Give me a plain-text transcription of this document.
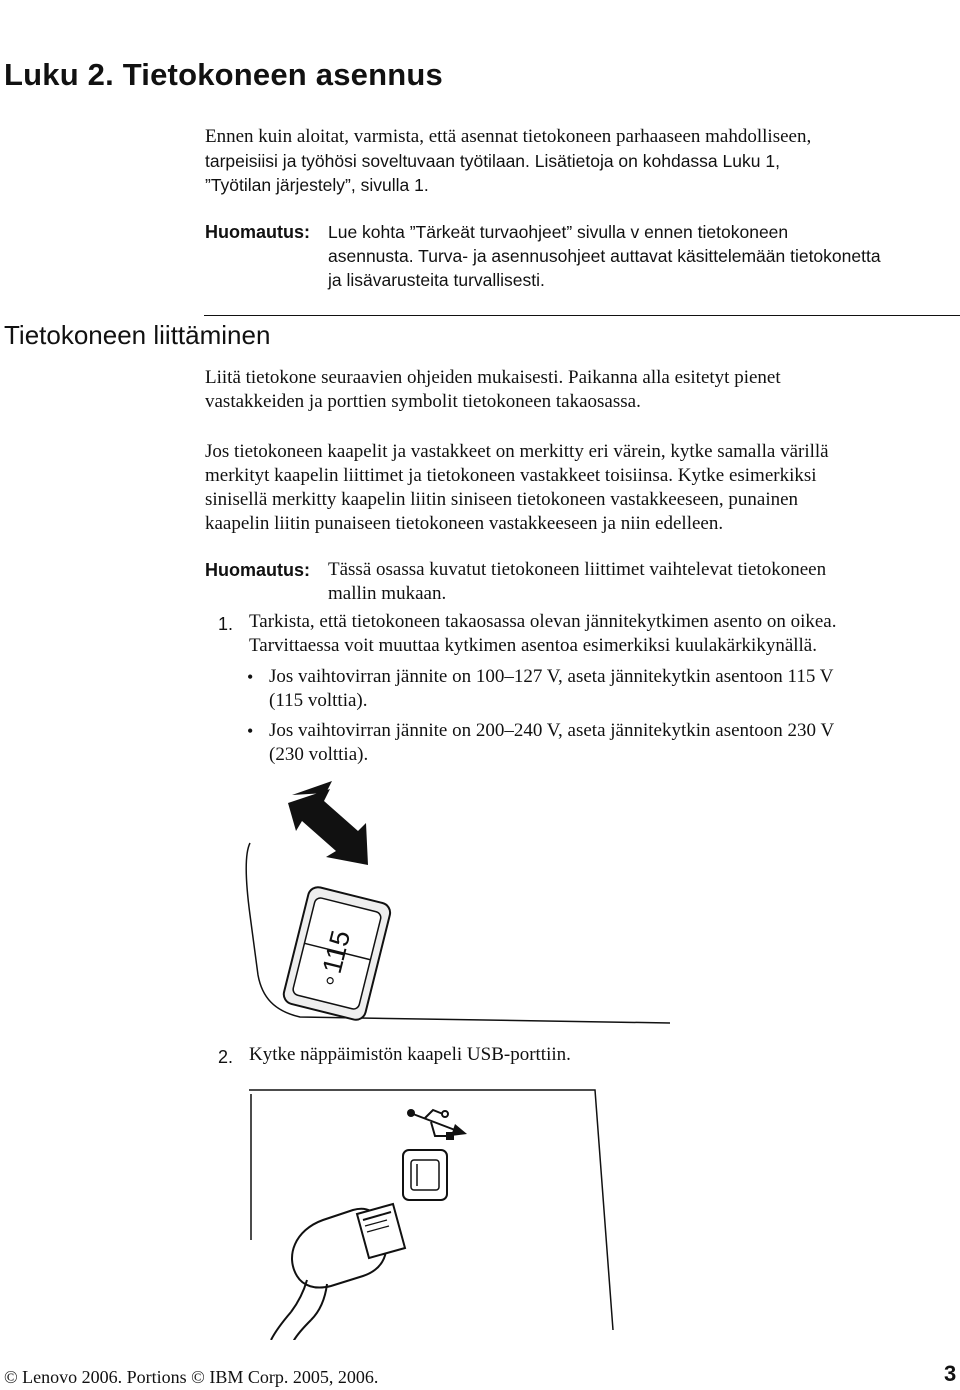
Luku 2. Tietokoneen asennus
Ennen kuin aloitat, varmista, että asennat tietokoneen parhaaseen mahdolliseen,
tarpeisiisi ja työhösi soveltuvaan työtilaan. Lisätietoja on kohdassa Luku 1,
”Työtilan järjestely”, sivulla 1.
Huomautus: Lue kohta ”Tärkeät turvaohjeet” sivulla v ennen tietokoneen
asennusta. Turva- ja asennusohjeet auttavat käsittelemään tietokonetta
ja lisävarusteita turvallisesti.
Tietokoneen liittäminen
Liitä tietokone seuraavien ohjeiden mukaisesti. Paikanna alla esitetyt pienet
vastakkeiden ja porttien symbolit tietokoneen takaosassa.
Jos tietokoneen kaapelit ja vastakkeet on merkitty eri värein, kytke samalla värillä
merkityt kaapelin liittimet ja tietokoneen vastakkeet toisiinsa. Kytke esimerkiksi
sinisellä merkitty kaapelin liitin siniseen tietokoneen vastakkeeseen, punainen
kaapelin liitin punaiseen tietokoneen vastakkeeseen ja niin edelleen.
Huomautus: Tässä osassa kuvatut tietokoneen liittimet vaihtelevat tietokoneen
mallin mukaan.
1. Tarkista, että tietokoneen takaosassa olevan jännitekytkimen asento on oikea.
Tarvittaessa voit muuttaa kytkimen asentoa esimerkiksi kuulakärkikynällä.
• Jos vaihtovirran jännite on 100–127 V, aseta jännitekytkin asentoon 115 V
(115 volttia).
• Jos vaihtovirran jännite on 200–240 V, aseta jännitekytkin asentoon 230 V
(230 volttia).
115
2. Kytke näppäimistön kaapeli USB-porttiin.
© Lenovo 2006. Portions © IBM Corp. 2005, 2006.	3
